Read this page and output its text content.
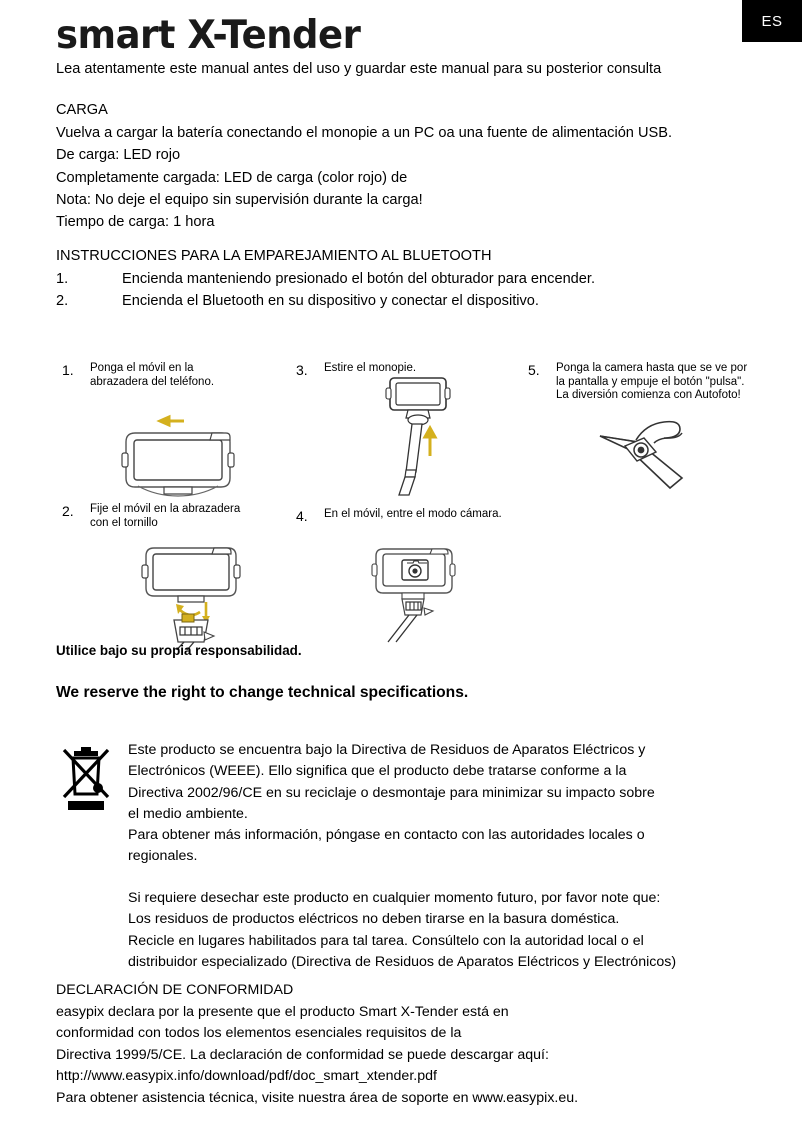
ES
smart X-Tender
Lea atentamente este manual antes del uso y guardar este manual para su posterior consulta
CARGA
Vuelva a cargar la batería conectando el monopie a un PC oa una fuente de alimentación USB.
De carga: LED rojo
Completamente cargada: LED de carga (color rojo) de
Nota: No deje el equipo sin supervisión durante la carga!
Tiempo de carga: 1 hora
INSTRUCCIONES PARA LA EMPAREJAMIENTO AL BLUETOOTH
1.	Encienda manteniendo presionado el botón del obturador para encender.
2.	Encienda el Bluetooth en su dispositivo y conectar el dispositivo.
1.	Ponga el móvil en la
abrazadera del teléfono.
2.	Fije el móvil en la abrazadera
con el tornillo
3.	Estire el monopie.
4.	En el móvil, entre el modo cámara.
5.	Ponga la camera hasta que se ve por
la pantalla y empuje el botón "pulsa".
La diversión comienza con Autofoto!
Utilice bajo su propia responsabilidad.
We reserve the right to change technical specifications.
Este producto se encuentra bajo la Directiva de Residuos de Aparatos Eléctricos y
Electrónicos (WEEE). Ello significa que el producto debe tratarse conforme a la
Directiva 2002/96/CE en su reciclaje o desmontaje para minimizar su impacto sobre
el medio ambiente.
Para obtener más información, póngase en contacto con las autoridades locales o
regionales.
Si requiere desechar este producto en cualquier momento futuro, por favor note que:
Los residuos de productos eléctricos no deben tirarse en la basura doméstica.
Recicle en lugares habilitados para tal tarea. Consúltelo con la autoridad local o el
distribuidor especializado (Directiva de Residuos de Aparatos Eléctricos y Electrónicos)
DECLARACIÓN DE CONFORMIDAD
easypix declara por la presente que el producto Smart X-Tender está en
conformidad con todos los elementos esenciales requisitos de la
Directiva 1999/5/CE. La declaración de conformidad se puede descargar aquí:
http://www.easypix.info/download/pdf/doc_smart_xtender.pdf
Para obtener asistencia técnica, visite nuestra área de soporte en www.easypix.eu.
